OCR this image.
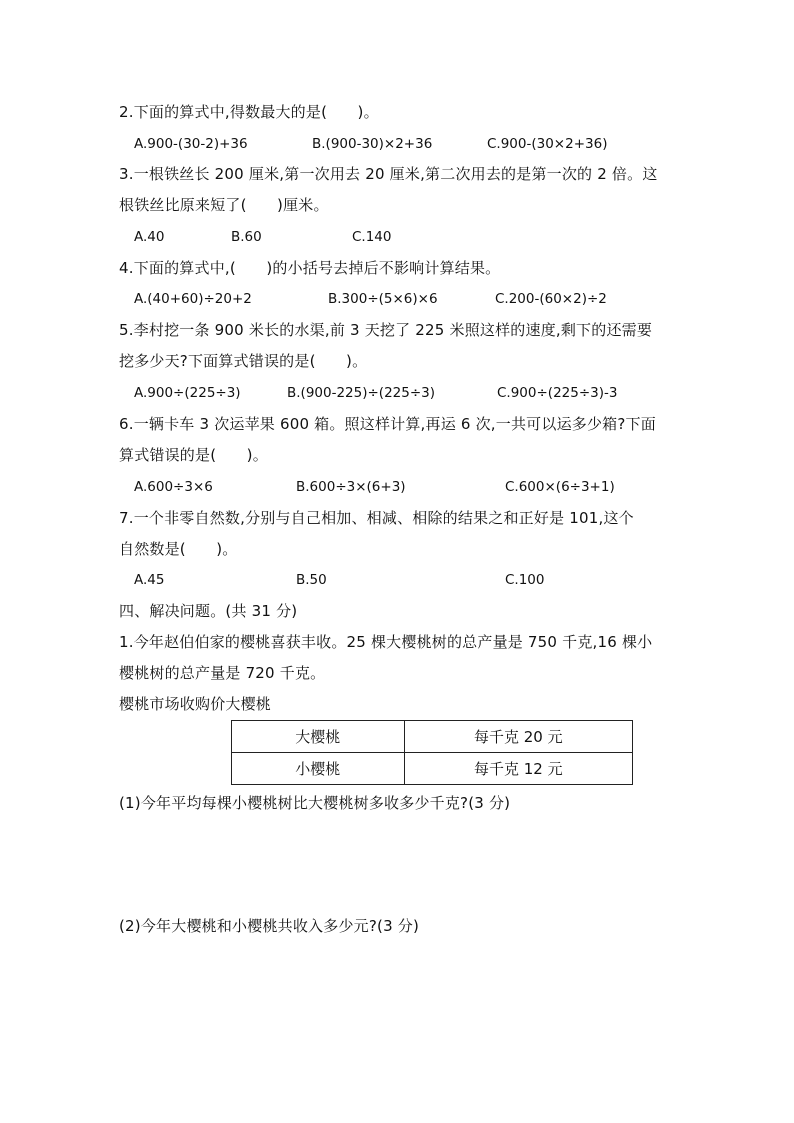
2.下面的算式中,得数最大的是(　　)。
A.900-(30-2)+36	B.(900-30)×2+36	C.900-(30×2+36)
3.一根铁丝长 200 厘米,第一次用去 20 厘米,第二次用去的是第一次的 2 倍。这
根铁丝比原来短了(　　)厘米。
A.40	B.60	C.140
4.下面的算式中,(　　)的小括号去掉后不影响计算结果。
A.(40+60)÷20+2	B.300÷(5×6)×6	C.200-(60×2)÷2
5.李村挖一条 900 米长的水渠,前 3 天挖了 225 米照这样的速度,剩下的还需要
挖多少天?下面算式错误的是(　　)。
A.900÷(225÷3)	B.(900-225)÷(225÷3)	C.900÷(225÷3)-3
6.一辆卡车 3 次运苹果 600 箱。照这样计算,再运 6 次,一共可以运多少箱?下面
算式错误的是(　　)。
A.600÷3×6	B.600÷3×(6+3)	C.600×(6÷3+1)
7.一个非零自然数,分别与自己相加、相减、相除的结果之和正好是 101,这个
自然数是(　　)。
A.45	B.50	C.100
四、解决问题。(共 31 分)
1.今年赵伯伯家的樱桃喜获丰收。25 棵大樱桃树的总产量是 750 千克,16 棵小
樱桃树的总产量是 720 千克。
樱桃市场收购价大樱桃
大樱桃	每千克 20 元
小樱桃	每千克 12 元
(1)今年平均每棵小樱桃树比大樱桃树多收多少千克?(3 分)
(2)今年大樱桃和小樱桃共收入多少元?(3 分)
